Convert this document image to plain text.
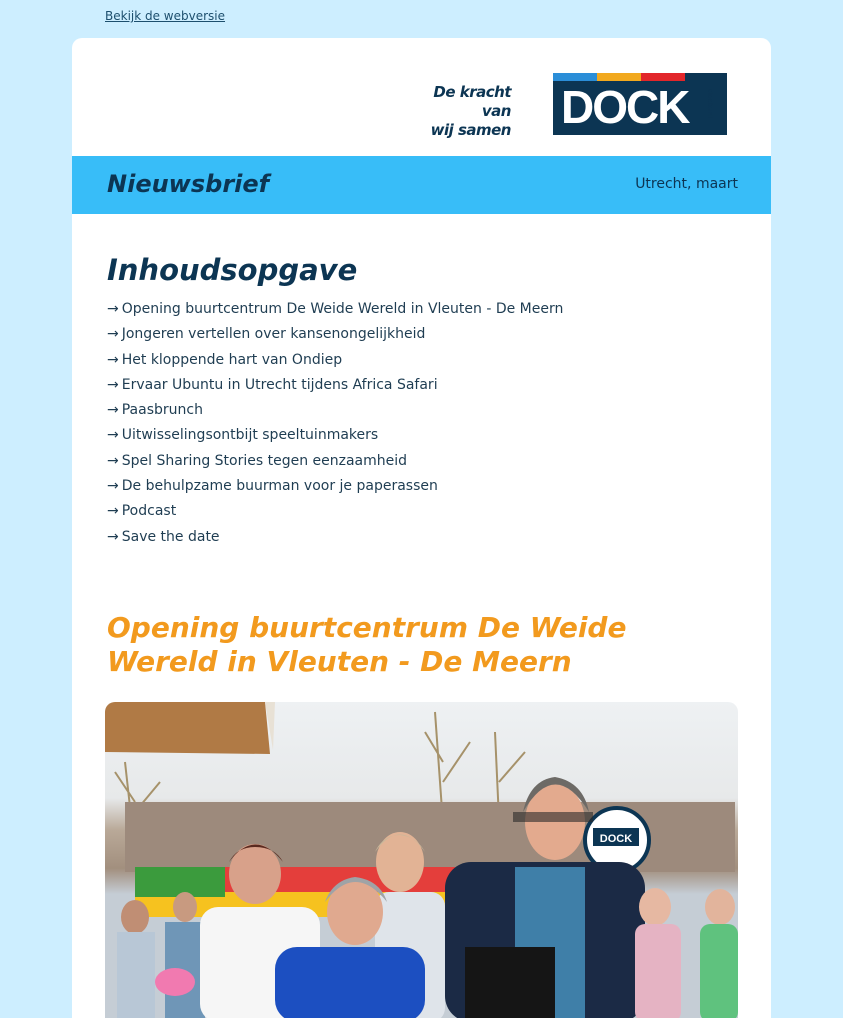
Bekijk de webversie
De kracht van
wij samen DOCK	dock.nl
Nieuwsbrief	Utrecht, maart
Inhoudsopgave
→ Opening buurtcentrum De Weide Wereld in Vleuten - De Meern
→ Jongeren vertellen over kansenongelijkheid
→ Het kloppende hart van Ondiep
→ Ervaar Ubuntu in Utrecht tijdens Africa Safari
→ Paasbrunch
→ Uitwisselingsontbijt speeltuinmakers
→ Spel Sharing Stories tegen eenzaamheid
→ De behulpzame buurman voor je paperassen
→ Podcast
→ Save the date
Opening buurtcentrum De Weide Wereld in Vleuten - De Meern
DOCK
